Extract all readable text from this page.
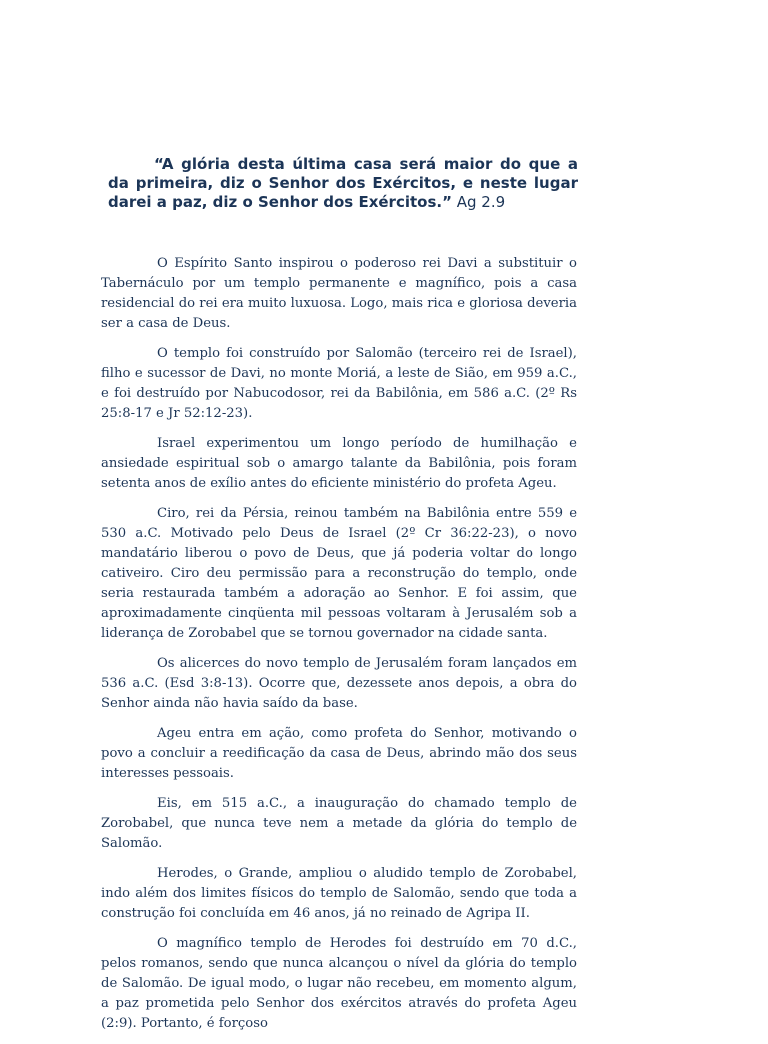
“A glória desta última casa será maior do que a da primeira, diz o Senhor dos Exércitos, e neste lugar darei a paz, diz o Senhor dos Exércitos.” Ag 2.9

O Espírito Santo inspirou o poderoso rei Davi a substituir o Tabernáculo por um templo permanente e magnífico, pois a casa residencial do rei era muito luxuosa. Logo, mais rica e gloriosa deveria ser a casa de Deus.

O templo foi construído por Salomão (terceiro rei de Israel), filho e sucessor de Davi, no monte Moriá, a leste de Sião, em 959 a.C., e foi destruído por Nabucodosor, rei da Babilônia, em 586 a.C. (2º Rs 25:8-17 e Jr 52:12-23).

Israel experimentou um longo período de humilhação e ansiedade espiritual sob o amargo talante da Babilônia, pois foram setenta anos de exílio antes do eficiente ministério do profeta Ageu.

Ciro, rei da Pérsia, reinou também na Babilônia entre 559 e 530 a.C. Motivado pelo Deus de Israel (2º Cr 36:22-23), o novo mandatário liberou o povo de Deus, que já poderia voltar do longo cativeiro. Ciro deu permissão para a reconstrução do templo, onde seria restaurada também a adoração ao Senhor. E foi assim, que aproximadamente cinqüenta mil pessoas voltaram à Jerusalém sob a liderança de Zorobabel que se tornou governador na cidade santa.

Os alicerces do novo templo de Jerusalém foram lançados em 536 a.C. (Esd 3:8-13). Ocorre que, dezessete anos depois, a obra do Senhor ainda não havia saído da base.

Ageu entra em ação, como profeta do Senhor, motivando o povo a concluir a reedificação da casa de Deus, abrindo mão dos seus interesses pessoais.

Eis, em 515 a.C., a inauguração do chamado templo de Zorobabel, que nunca teve nem a metade da glória do templo de Salomão.

Herodes, o Grande, ampliou o aludido templo de Zorobabel, indo além dos limites físicos do templo de Salomão, sendo que toda a construção foi concluída em 46 anos, já no reinado de Agripa II.

O magnífico templo de Herodes foi destruído em 70 d.C., pelos romanos, sendo que nunca alcançou o nível da glória do templo de Salomão. De igual modo, o lugar não recebeu, em momento algum, a paz prometida pelo Senhor dos exércitos através do profeta Ageu (2:9). Portanto, é forçoso
